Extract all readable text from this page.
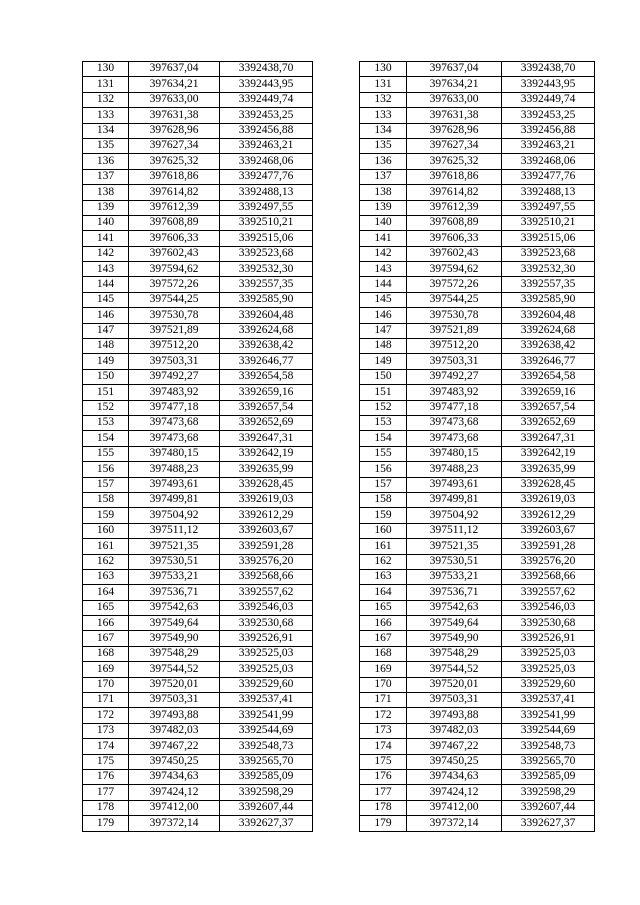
130	397637,04	3392438,70		130	397637,04	3392438,70
131	397634,21	3392443,95		131	397634,21	3392443,95
132	397633,00	3392449,74		132	397633,00	3392449,74
133	397631,38	3392453,25		133	397631,38	3392453,25
134	397628,96	3392456,88		134	397628,96	3392456,88
135	397627,34	3392463,21		135	397627,34	3392463,21
136	397625,32	3392468,06		136	397625,32	3392468,06
137	397618,86	3392477,76		137	397618,86	3392477,76
138	397614,82	3392488,13		138	397614,82	3392488,13
139	397612,39	3392497,55		139	397612,39	3392497,55
140	397608,89	3392510,21		140	397608,89	3392510,21
141	397606,33	3392515,06		141	397606,33	3392515,06
142	397602,43	3392523,68		142	397602,43	3392523,68
143	397594,62	3392532,30		143	397594,62	3392532,30
144	397572,26	3392557,35		144	397572,26	3392557,35
145	397544,25	3392585,90		145	397544,25	3392585,90
146	397530,78	3392604,48		146	397530,78	3392604,48
147	397521,89	3392624,68		147	397521,89	3392624,68
148	397512,20	3392638,42		148	397512,20	3392638,42
149	397503,31	3392646,77		149	397503,31	3392646,77
150	397492,27	3392654,58		150	397492,27	3392654,58
151	397483,92	3392659,16		151	397483,92	3392659,16
152	397477,18	3392657,54		152	397477,18	3392657,54
153	397473,68	3392652,69		153	397473,68	3392652,69
154	397473,68	3392647,31		154	397473,68	3392647,31
155	397480,15	3392642,19		155	397480,15	3392642,19
156	397488,23	3392635,99		156	397488,23	3392635,99
157	397493,61	3392628,45		157	397493,61	3392628,45
158	397499,81	3392619,03		158	397499,81	3392619,03
159	397504,92	3392612,29		159	397504,92	3392612,29
160	397511,12	3392603,67		160	397511,12	3392603,67
161	397521,35	3392591,28		161	397521,35	3392591,28
162	397530,51	3392576,20		162	397530,51	3392576,20
163	397533,21	3392568,66		163	397533,21	3392568,66
164	397536,71	3392557,62		164	397536,71	3392557,62
165	397542,63	3392546,03		165	397542,63	3392546,03
166	397549,64	3392530,68		166	397549,64	3392530,68
167	397549,90	3392526,91		167	397549,90	3392526,91
168	397548,29	3392525,03		168	397548,29	3392525,03
169	397544,52	3392525,03		169	397544,52	3392525,03
170	397520,01	3392529,60		170	397520,01	3392529,60
171	397503,31	3392537,41		171	397503,31	3392537,41
172	397493,88	3392541,99		172	397493,88	3392541,99
173	397482,03	3392544,69		173	397482,03	3392544,69
174	397467,22	3392548,73		174	397467,22	3392548,73
175	397450,25	3392565,70		175	397450,25	3392565,70
176	397434,63	3392585,09		176	397434,63	3392585,09
177	397424,12	3392598,29		177	397424,12	3392598,29
178	397412,00	3392607,44		178	397412,00	3392607,44
179	397372,14	3392627,37		179	397372,14	3392627,37
